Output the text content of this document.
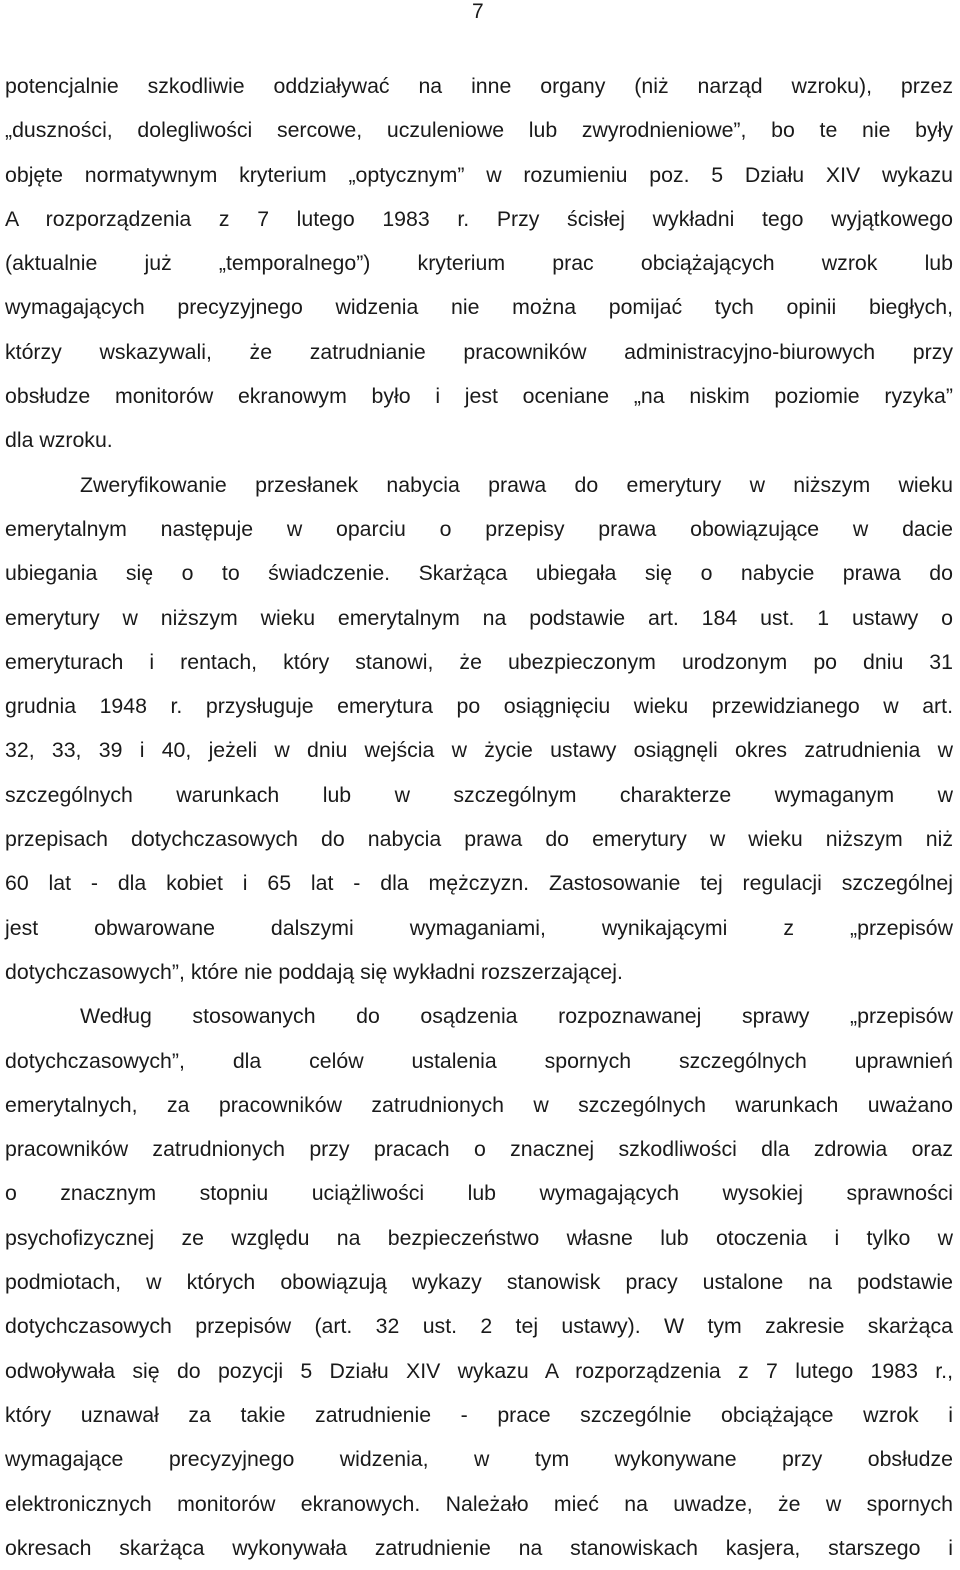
7
potencjalnie szkodliwie oddziaływać na inne organy (niż narząd wzroku), przez
„duszności, dolegliwości sercowe, uczuleniowe lub zwyrodnieniowe”, bo te nie były
objęte normatywnym kryterium „optycznym” w rozumieniu poz. 5 Działu XIV wykazu
A rozporządzenia z 7 lutego 1983 r. Przy ścisłej wykładni tego wyjątkowego
(aktualnie już „temporalnego”) kryterium prac obciążających wzrok lub
wymagających precyzyjnego widzenia nie można pomijać tych opinii biegłych,
którzy wskazywali, że zatrudnianie pracowników administracyjno-biurowych przy
obsłudze monitorów ekranowym było i jest oceniane „na niskim poziomie ryzyka”
dla wzroku.
Zweryfikowanie przesłanek nabycia prawa do emerytury w niższym wieku
emerytalnym następuje w oparciu o przepisy prawa obowiązujące w dacie
ubiegania się o to świadczenie. Skarżąca ubiegała się o nabycie prawa do
emerytury w niższym wieku emerytalnym na podstawie art. 184 ust. 1 ustawy o
emeryturach i rentach, który stanowi, że ubezpieczonym urodzonym po dniu 31
grudnia 1948 r. przysługuje emerytura po osiągnięciu wieku przewidzianego w art.
32, 33, 39 i 40, jeżeli w dniu wejścia w życie ustawy osiągnęli okres zatrudnienia w
szczególnych warunkach lub w szczególnym charakterze wymaganym w
przepisach dotychczasowych do nabycia prawa do emerytury w wieku niższym niż
60 lat - dla kobiet i 65 lat - dla mężczyzn. Zastosowanie tej regulacji szczególnej
jest obwarowane dalszymi wymaganiami, wynikającymi z „przepisów
dotychczasowych”, które nie poddają się wykładni rozszerzającej.
Według stosowanych do osądzenia rozpoznawanej sprawy „przepisów
dotychczasowych”, dla celów ustalenia spornych szczególnych uprawnień
emerytalnych, za pracowników zatrudnionych w szczególnych warunkach uważano
pracowników zatrudnionych przy pracach o znacznej szkodliwości dla zdrowia oraz
o znacznym stopniu uciążliwości lub wymagających wysokiej sprawności
psychofizycznej ze względu na bezpieczeństwo własne lub otoczenia i tylko w
podmiotach, w których obowiązują wykazy stanowisk pracy ustalone na podstawie
dotychczasowych przepisów (art. 32 ust. 2 tej ustawy). W tym zakresie skarżąca
odwoływała się do pozycji 5 Działu XIV wykazu A rozporządzenia z 7 lutego 1983 r.,
który uznawał za takie zatrudnienie - prace szczególnie obciążające wzrok i
wymagające precyzyjnego widzenia, w tym wykonywane przy obsłudze
elektronicznych monitorów ekranowych. Należało mieć na uwadze, że w spornych
okresach skarżąca wykonywała zatrudnienie na stanowiskach kasjera, starszego i
